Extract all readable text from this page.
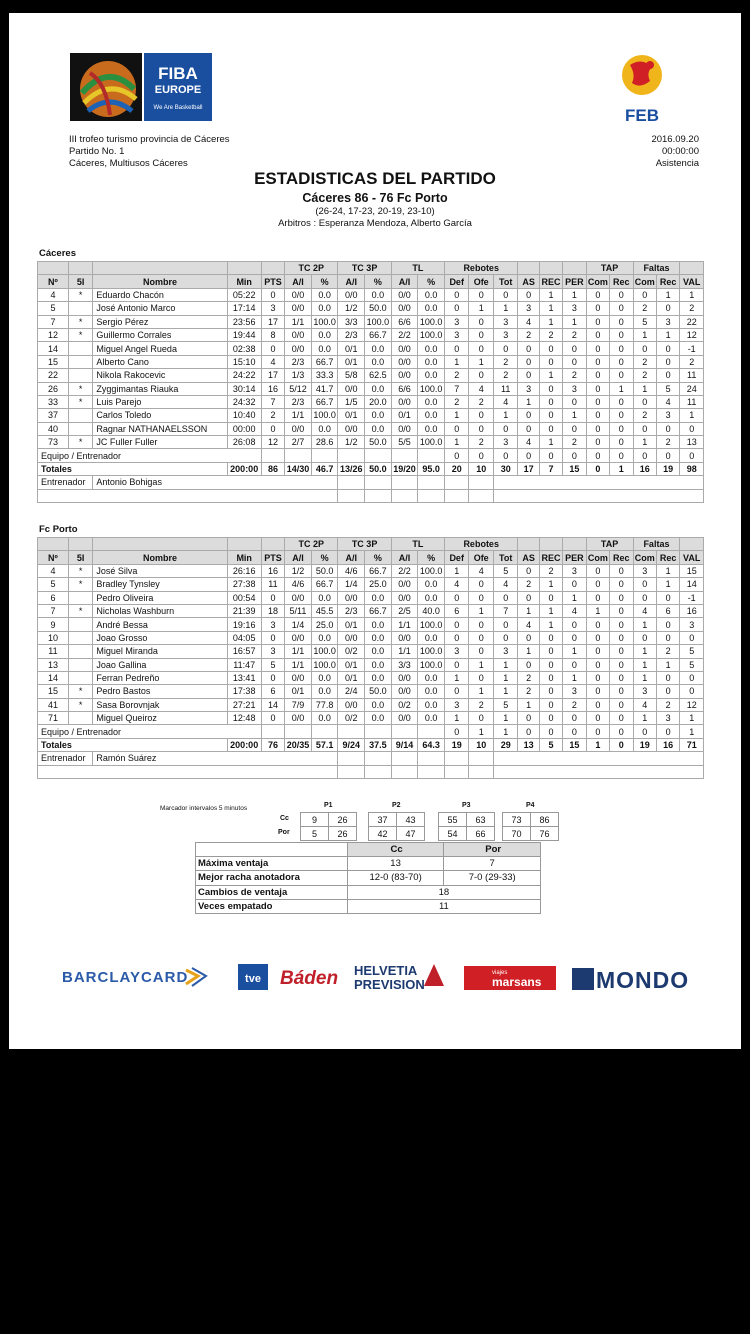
FIBA
EUROPE
We Are Basketball	FEB
III trofeo turismo provincia de Cáceres
Partido No. 1
Cáceres, Multiusos Cáceres
2016.09.20
00:00:00
Asistencia
ESTADISTICAS DEL PARTIDO
Cáceres 86 - 76 Fc Porto
(26-24, 17-23, 20-19, 23-10)
Arbitros : Esperanza Mendoza, Alberto García
Cáceres
					TC 2P		TC 3P		TL		Rebotes						TAP		Faltas		
Nº	5I	Nombre	Min	PTS	A/I	%	A/I	%	A/I	%	Def	Ofe	Tot	AS	REC	PER	Com	Rec	Com	Rec	VAL
4	*	Eduardo Chacón	05:22	0	0/0	0.0	0/0	0.0	0/0	0.0	0	0	0	0	1	1	0	0	0	1	1
5		José Antonio Marco	17:14	3	0/0	0.0	1/2	50.0	0/0	0.0	0	1	1	3	1	3	0	0	2	0	2
7	*	Sergio Pérez	23:56	17	1/1	100.0	3/3	100.0	6/6	100.0	3	0	3	4	1	1	0	0	5	3	22
12	*	Guillermo Corrales	19:44	8	0/0	0.0	2/3	66.7	2/2	100.0	3	0	3	2	2	2	0	0	1	1	12
14		Miguel Angel Rueda	02:38	0	0/0	0.0	0/1	0.0	0/0	0.0	0	0	0	0	0	0	0	0	0	0	-1
15		Alberto Cano	15:10	4	2/3	66.7	0/1	0.0	0/0	0.0	1	1	2	0	0	0	0	0	2	0	2
22		Nikola Rakocevic	24:22	17	1/3	33.3	5/8	62.5	0/0	0.0	2	0	2	0	1	2	0	0	2	0	11
26	*	Zyggimantas Riauka	30:14	16	5/12	41.7	0/0	0.0	6/6	100.0	7	4	11	3	0	3	0	1	1	5	24
33	*	Luis Parejo	24:32	7	2/3	66.7	1/5	20.0	0/0	0.0	2	2	4	1	0	0	0	0	0	4	11
37		Carlos Toledo	10:40	2	1/1	100.0	0/1	0.0	0/1	0.0	1	0	1	0	0	1	0	0	2	3	1
40		Ragnar NATHANAELSSON	00:00	0	0/0	0.0	0/0	0.0	0/0	0.0	0	0	0	0	0	0	0	0	0	0	0
73	*	JC Fuller Fuller	26:08	12	2/7	28.6	1/2	50.0	5/5	100.0	1	2	3	4	1	2	0	0	1	2	13
Equipo / Entrenador											0	0	0	0	0	0	0	0	0	0	0
Totales			200:00	86	14/30	46.7	13/26	50.0	19/20	95.0	20	10	30	17	7	15	0	1	16	19	98
Entrenador		Antonio Bohigas																			

Fc Porto
					TC 2P		TC 3P		TL		Rebotes						TAP		Faltas		
Nº	5I	Nombre	Min	PTS	A/I	%	A/I	%	A/I	%	Def	Ofe	Tot	AS	REC	PER	Com	Rec	Com	Rec	VAL
4	*	José Silva	26:16	16	1/2	50.0	4/6	66.7	2/2	100.0	1	4	5	0	2	3	0	0	3	1	15
5	*	Bradley Tynsley	27:38	11	4/6	66.7	1/4	25.0	0/0	0.0	4	0	4	2	1	0	0	0	0	1	14
6		Pedro Oliveira	00:54	0	0/0	0.0	0/0	0.0	0/0	0.0	0	0	0	0	0	1	0	0	0	0	-1
7	*	Nicholas Washburn	21:39	18	5/11	45.5	2/3	66.7	2/5	40.0	6	1	7	1	1	4	1	0	4	6	16
9		André Bessa	19:16	3	1/4	25.0	0/1	0.0	1/1	100.0	0	0	0	4	1	0	0	0	1	0	3
10		Joao Grosso	04:05	0	0/0	0.0	0/0	0.0	0/0	0.0	0	0	0	0	0	0	0	0	0	0	0
11		Miguel Miranda	16:57	3	1/1	100.0	0/2	0.0	1/1	100.0	3	0	3	1	0	1	0	0	1	2	5
13		Joao Gallina	11:47	5	1/1	100.0	0/1	0.0	3/3	100.0	0	1	1	0	0	0	0	0	1	1	5
14		Ferran Pedreño	13:41	0	0/0	0.0	0/1	0.0	0/0	0.0	1	0	1	2	0	1	0	0	1	0	0
15	*	Pedro Bastos	17:38	6	0/1	0.0	2/4	50.0	0/0	0.0	0	1	1	2	0	3	0	0	3	0	0
41	*	Sasa Borovnjak	27:21	14	7/9	77.8	0/0	0.0	0/2	0.0	3	2	5	1	0	2	0	0	4	2	12
71		Miguel Queiroz	12:48	0	0/0	0.0	0/2	0.0	0/0	0.0	1	0	1	0	0	0	0	0	1	3	1
Equipo / Entrenador											0	1	1	0	0	0	0	0	0	0	1
Totales			200:00	76	20/35	57.1	9/24	37.5	9/14	64.3	19	10	29	13	5	15	1	0	19	16	71
Entrenador		Ramón Suárez																			

Marcador intervalos 5 minutos
Cc
Por
P1
9	26
5	26
P2
37	43
42	47
P3
55	63
54	66
P4
73	86
70	76
	Cc	Por
Máxima ventaja	13	7
Mejor racha anotadora	12-0 (83-70)	7-0 (29-33)
Cambios de ventaja	18	
Veces empatado	11	
BARCLAYCARD	tve Báden HELVETIA
PREVISION
viajes
marsans MONDO
